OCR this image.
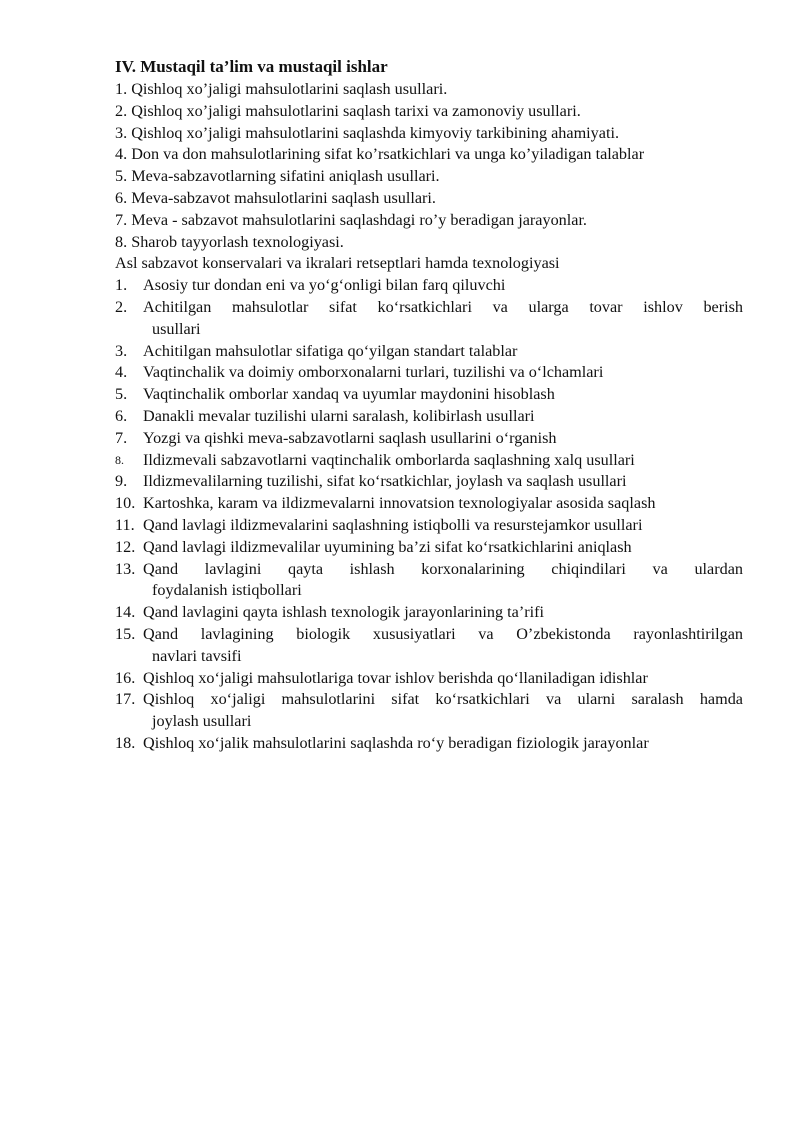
IV. Mustaqil ta’lim va mustaqil ishlar

1. Qishloq xo’jaligi mahsulotlarini saqlash usullari.

2. Qishloq xo’jaligi mahsulotlarini saqlash tarixi va zamonoviy usullari.

3. Qishloq xo’jaligi mahsulotlarini saqlashda kimyoviy tarkibining ahamiyati.

4. Don va don mahsulotlarining sifat ko’rsatkichlari va unga ko’yiladigan talablar

5. Meva-sabzavotlarning sifatini aniqlash usullari.

6. Meva-sabzavot mahsulotlarini saqlash usullari.

7. Meva - sabzavot mahsulotlarini saqlashdagi ro’y beradigan jarayonlar.

8. Sharob tayyorlash texnologiyasi.

Asl sabzavot konservalari va ikralari retseptlari hamda texnologiyasi

1. Asosiy tur dondan eni va yo‘g‘onligi bilan farq qiluvchi
2. Achitilgan mahsulotlar sifat ko‘rsatkichlari va ularga tovar ishlov berish
usullari
3. Achitilgan mahsulotlar sifatiga qo‘yilgan standart talablar
4. Vaqtinchalik va doimiy omborxonalarni turlari, tuzilishi va o‘lchamlari
5. Vaqtinchalik omborlar xandaq va uyumlar maydonini hisoblash
6. Danakli mevalar tuzilishi ularni saralash, kolibirlash usullari
7. Yozgi va qishki meva-sabzavotlarni saqlash usullarini o‘rganish
8.	Ildizmevali sabzavotlarni vaqtinchalik omborlarda saqlashning xalq usullari
9. Ildizmevalilarning tuzilishi, sifat ko‘rsatkichlar, joylash va saqlash usullari
10. Kartoshka, karam va ildizmevalarni innovatsion texnologiyalar asosida saqlash
11. Qand lavlagi ildizmevalarini saqlashning istiqbolli va resurstejamkor usullari
12. Qand lavlagi ildizmevalilar uyumining ba’zi sifat ko‘rsatkichlarini aniqlash
13. Qand lavlagini qayta ishlash korxonalarining chiqindilari va ulardan
foydalanish istiqbollari
14. Qand lavlagini qayta ishlash texnologik jarayonlarining ta’rifi
15. Qand lavlagining biologik xususiyatlari va O’zbekistonda rayonlashtirilgan
navlari tavsifi
16. Qishloq xo‘jaligi mahsulotlariga tovar ishlov berishda qo‘llaniladigan idishlar
17. Qishloq xo‘jaligi mahsulotlarini sifat ko‘rsatkichlari va ularni saralash hamda
joylash usullari
18. Qishloq xo‘jalik mahsulotlarini saqlashda ro‘y beradigan fiziologik jarayonlar
